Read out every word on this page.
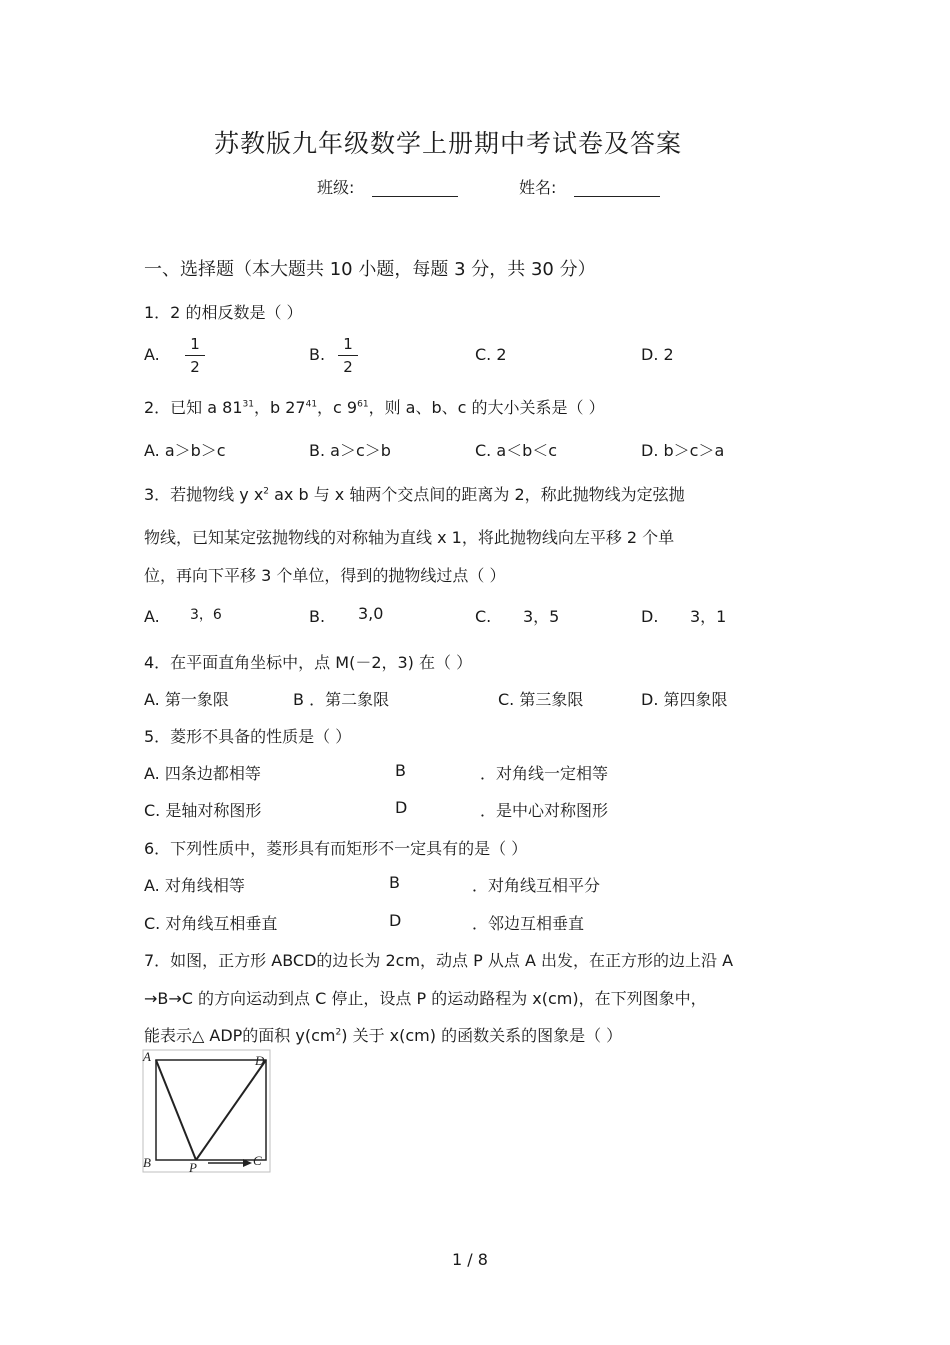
苏教版九年级数学上册期中考试卷及答案
班级:	姓名:
一、选择题（本大题共 10 小题，每题 3 分，共 30 分）
1．2 的相反数是（ ）
A.
1
2
B.
1
2
C. 2	D. 2
2．已知 a $81^{31}$，b $27^{41}$，c $9^{61}$，则 a、b、c 的大小关系是（ ）
A. a＞b＞c	B. a＞c＞b	C. a＜b＜c	D. b＞c＞a
3．若抛物线 y $x^2$ ax b 与 x 轴两个交点间的距离为 2，称此抛物线为定弦抛
物线，已知某定弦抛物线的对称轴为直线 x 1，将此抛物线向左平移 2 个单
位，再向下平移 3 个单位，得到的抛物线过点（ ）
A. 3，6	B. 3,0	C. 3，5	D. 3，1
4．在平面直角坐标中，点 M(－2，3) 在（ ）
A. 第一象限	B ．第二象限	C. 第三象限	D. 第四象限
5．菱形不具备的性质是（ ）
A. 四条边都相等	B	．对角线一定相等
C. 是轴对称图形	D	．是中心对称图形
6．下列性质中，菱形具有而矩形不一定具有的是（ ）
A. 对角线相等	B	．对角线互相平分
C. 对角线互相垂直	D	．邻边互相垂直
7．如图，正方形 ABCD的边长为 2cm，动点 P 从点 A 出发，在正方形的边上沿 A
→B→C 的方向运动到点 C 停止，设点 P 的运动路程为 x(cm)，在下列图象中，
能表示△ ADP的面积 $y(cm^2)$ 关于 x(cm) 的函数关系的图象是（ ）
A	D
B	C
P
1 / 8
